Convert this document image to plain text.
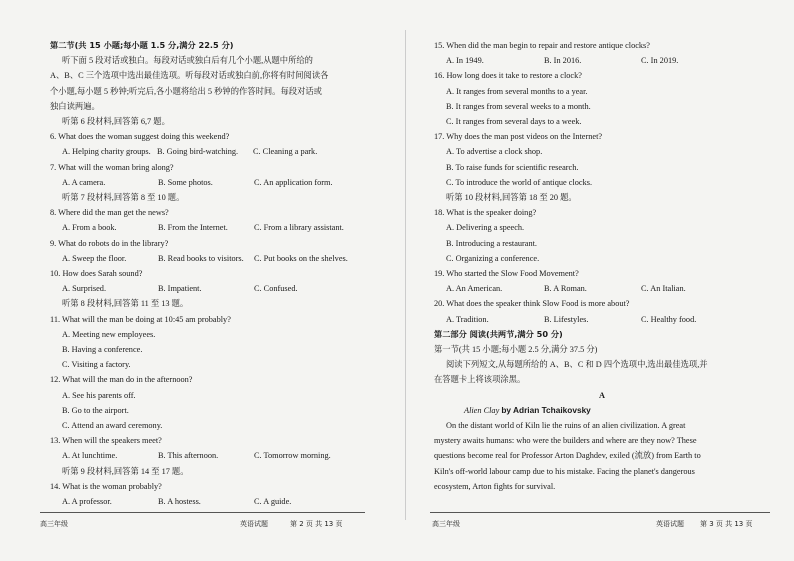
第二节(共 15 小题;每小题 1.5 分,满分 22.5 分)
听下面 5 段对话或独白。每段对话或独白后有几个小题,从题中所给的
A、B、C 三个选项中选出最佳选项。听每段对话或独白前,你将有时间阅读各
个小题,每小题 5 秒钟;听完后,各小题将给出 5 秒钟的作答时间。每段对话或
独白读两遍。
听第 6 段材料,回答第 6,7 题。
6. What does the woman suggest doing this weekend?
A. Helping charity groups. B. Going bird-watching.	C. Cleaning a park.
7. What will the woman bring along?
A. A camera.	B. Some photos.	C. An application form.
听第 7 段材料,回答第 8 至 10 题。
8. Where did the man get the news?
A. From a book.	B. From the Internet.	C. From a library assistant.
9. What do robots do in the library?
A. Sweep the floor.	B. Read books to visitors.	C. Put books on the shelves.
10. How does Sarah sound?
A. Surprised.	B. Impatient.	C. Confused.
听第 8 段材料,回答第 11 至 13 题。
11. What will the man be doing at 10:45 am probably?
A. Meeting new employees.
B. Having a conference.
C. Visiting a factory.
12. What will the man do in the afternoon?
A. See his parents off.
B. Go to the airport.
C. Attend an award ceremony.
13. When will the speakers meet?
A. At lunchtime.	B. This afternoon.	C. Tomorrow morning.
听第 9 段材料,回答第 14 至 17 题。
14. What is the woman probably?
A. A professor.	B. A hostess.	C. A guide.
15. When did the man begin to repair and restore antique clocks?
A. In 1949.	B. In 2016.	C. In 2019.
16. How long does it take to restore a clock?
A. It ranges from several months to a year.
B. It ranges from several weeks to a month.
C. It ranges from several days to a week.
17. Why does the man post videos on the Internet?
A. To advertise a clock shop.
B. To raise funds for scientific research.
C. To introduce the world of antique clocks.
听第 10 段材料,回答第 18 至 20 题。
18. What is the speaker doing?
A. Delivering a speech.
B. Introducing a restaurant.
C. Organizing a conference.
19. Who started the Slow Food Movement?
A. An American.	B. A Roman.	C. An Italian.
20. What does the speaker think Slow Food is more about?
A. Tradition.	B. Lifestyles.	C. Healthy food.
第二部分 阅读(共两节,满分 50 分)
第一节(共 15 小题;每小题 2.5 分,满分 37.5 分)
阅读下列短文,从每题所给的 A、B、C 和 D 四个选项中,选出最佳选项,并
在答题卡上将该项涂黑。
A
Alien Clay by Adrian Tchaikovsky
On the distant world of Kiln lie the ruins of an alien civilization. A great
mystery awaits humans: who were the builders and where are they now? These
questions become real for Professor Arton Daghdev, exiled (流放) from Earth to
Kiln's off-world labour camp due to his mistake. Facing the planet's dangerous
ecosystem, Arton fights for survival.
高三年级	英语试题	第 2 页 共 13 页	高三年级	英语试题 第 3 页 共 13 页
